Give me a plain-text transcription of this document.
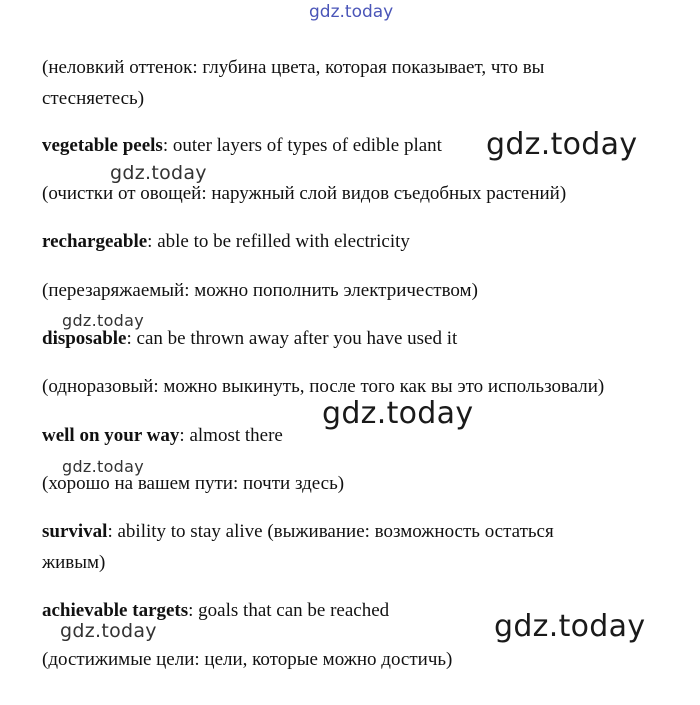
gdz.today
(неловкий оттенок: глубина цвета, которая показывает, что вы
стесняетесь)
vegetable peels: outer layers of types of edible plant
(очистки от овощей: наружный слой видов съедобных растений)
rechargeable: able to be refilled with electricity
(перезаряжаемый: можно пополнить электричеством)
disposable: can be thrown away after you have used it
(одноразовый: можно выкинуть, после того как вы это использовали)
well on your way: almost there
(хорошо на вашем пути: почти здесь)
survival: ability to stay alive (выживание: возможность остаться
живым)
achievable targets: goals that can be reached
(достижимые цели: цели, которые можно достичь)
gdz.today
gdz.today
gdz.today
gdz.today
gdz.today
gdz.today
gdz.today
